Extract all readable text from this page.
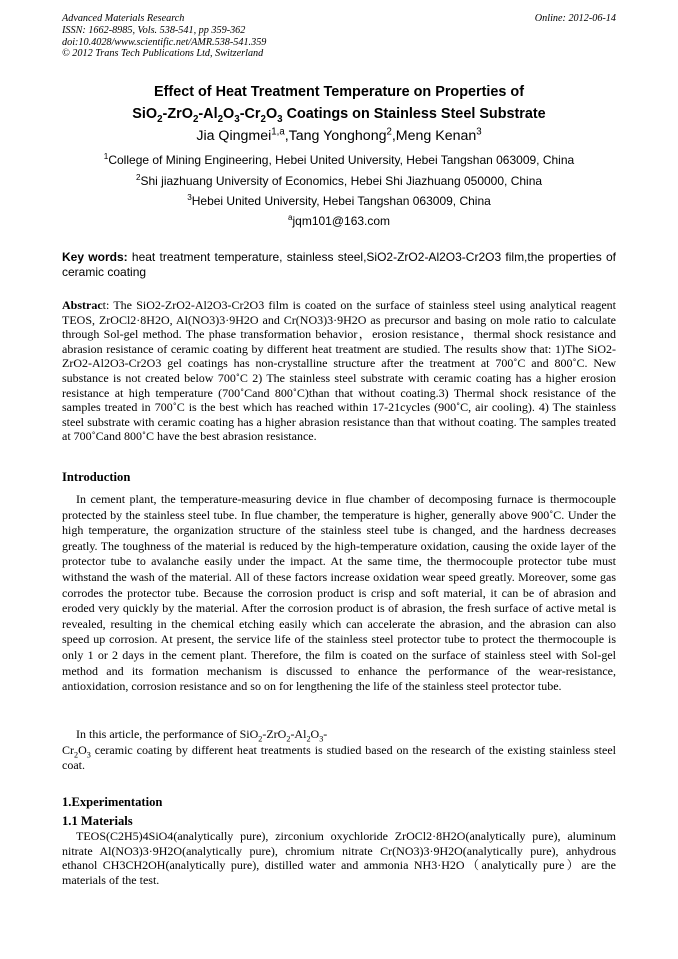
Advanced Materials Research
ISSN: 1662-8985, Vols. 538-541, pp 359-362
doi:10.4028/www.scientific.net/AMR.538-541.359
© 2012 Trans Tech Publications Ltd, Switzerland
Online: 2012-06-14
Effect of Heat Treatment Temperature on Properties of
$SiO_2-ZrO_2-Al_2O_3-Cr_2O_3$ Coatings on Stainless Steel Substrate
Jia Qingmei$^{1,a}$,Tang Yonghong$^2$,Meng Kenan$^3$
$^1$College of Mining Engineering, Hebei United University, Hebei Tangshan 063009, China
$^2$Shi jiazhuang University of Economics, Hebei Shi Jiazhuang 050000, China
$^3$Hebei United University, Hebei Tangshan 063009, China
$^a$jqm101@163.com
Key words: heat treatment temperature, stainless steel,SiO2-ZrO2-Al2O3-Cr2O3 film,the properties of ceramic coating
Abstract: The SiO2-ZrO2-Al2O3-Cr2O3 film is coated on the surface of stainless steel using analytical reagent TEOS, ZrOCl2·8H2O, Al(NO3)3·9H2O and Cr(NO3)3·9H2O as precursor and basing on mole ratio to calculate through Sol-gel method. The phase transformation behavior，erosion resistance，thermal shock resistance and abrasion resistance of ceramic coating by different heat treatment are studied. The results show that: 1)The SiO2-ZrO2-Al2O3-Cr2O3 gel coatings has non-crystalline structure after the treatment at 700˚C and 800˚C. New substance is not created below 700˚C 2) The stainless steel substrate with ceramic coating has a higher erosion resistance at high temperature (700˚Cand 800˚C)than that without coating.3) Thermal shock resistance of the samples treated in 700˚C is the best which has reached within 17-21cycles (900˚C, air cooling). 4) The stainless steel substrate with ceramic coating has a higher abrasion resistance than that without coating. The samples treated at 700˚Cand 800˚C have the best abrasion resistance.
Introduction
In cement plant, the temperature-measuring device in flue chamber of decomposing furnace is thermocouple protected by the stainless steel tube. In flue chamber, the temperature is higher, generally above 900˚C. Under the high temperature, the organization structure of the stainless steel tube is changed, and the hardness decreases greatly. The toughness of the material is reduced by the high-temperature oxidation, causing the oxide layer of the protector tube to avalanche easily under the impact. At the same time, the thermocouple protector tube must withstand the wash of the material. All of these factors increase oxidation wear speed greatly. Moreover, some gas corrodes the protector tube. Because the corrosion product is crisp and soft material, it can be of abrasion and eroded very quickly by the material. After the corrosion product is of abrasion, the fresh surface of active metal is revealed, resulting in the chemical etching easily which can accelerate the abrasion, and the abrasion can also speed up corrosion. At present, the service life of the stainless steel protector tube to protect the thermocouple is only 1 or 2 days in the cement plant. Therefore, the film is coated on the surface of stainless steel with Sol-gel method and its formation mechanism is discussed to enhance the performance of the wear-resistance, antioxidation, corrosion resistance and so on for lengthening the life of the stainless steel protector tube.
In this article, the performance of $SiO_2-ZrO_2-Al_2O_3-$
$Cr_2O_3$ ceramic coating by different heat treatments is studied based on the research of the existing stainless steel coat.
1.Experimentation
1.1 Materials
TEOS(C2H5)4SiO4(analytically pure), zirconium oxychloride ZrOCl2·8H2O(analytically pure), aluminum nitrate Al(NO3)3·9H2O(analytically pure), chromium nitrate Cr(NO3)3·9H2O(analytically pure), anhydrous ethanol CH3CH2OH(analytically pure), distilled water and ammonia NH3·H2O（analytically pure）are the materials of the test.
